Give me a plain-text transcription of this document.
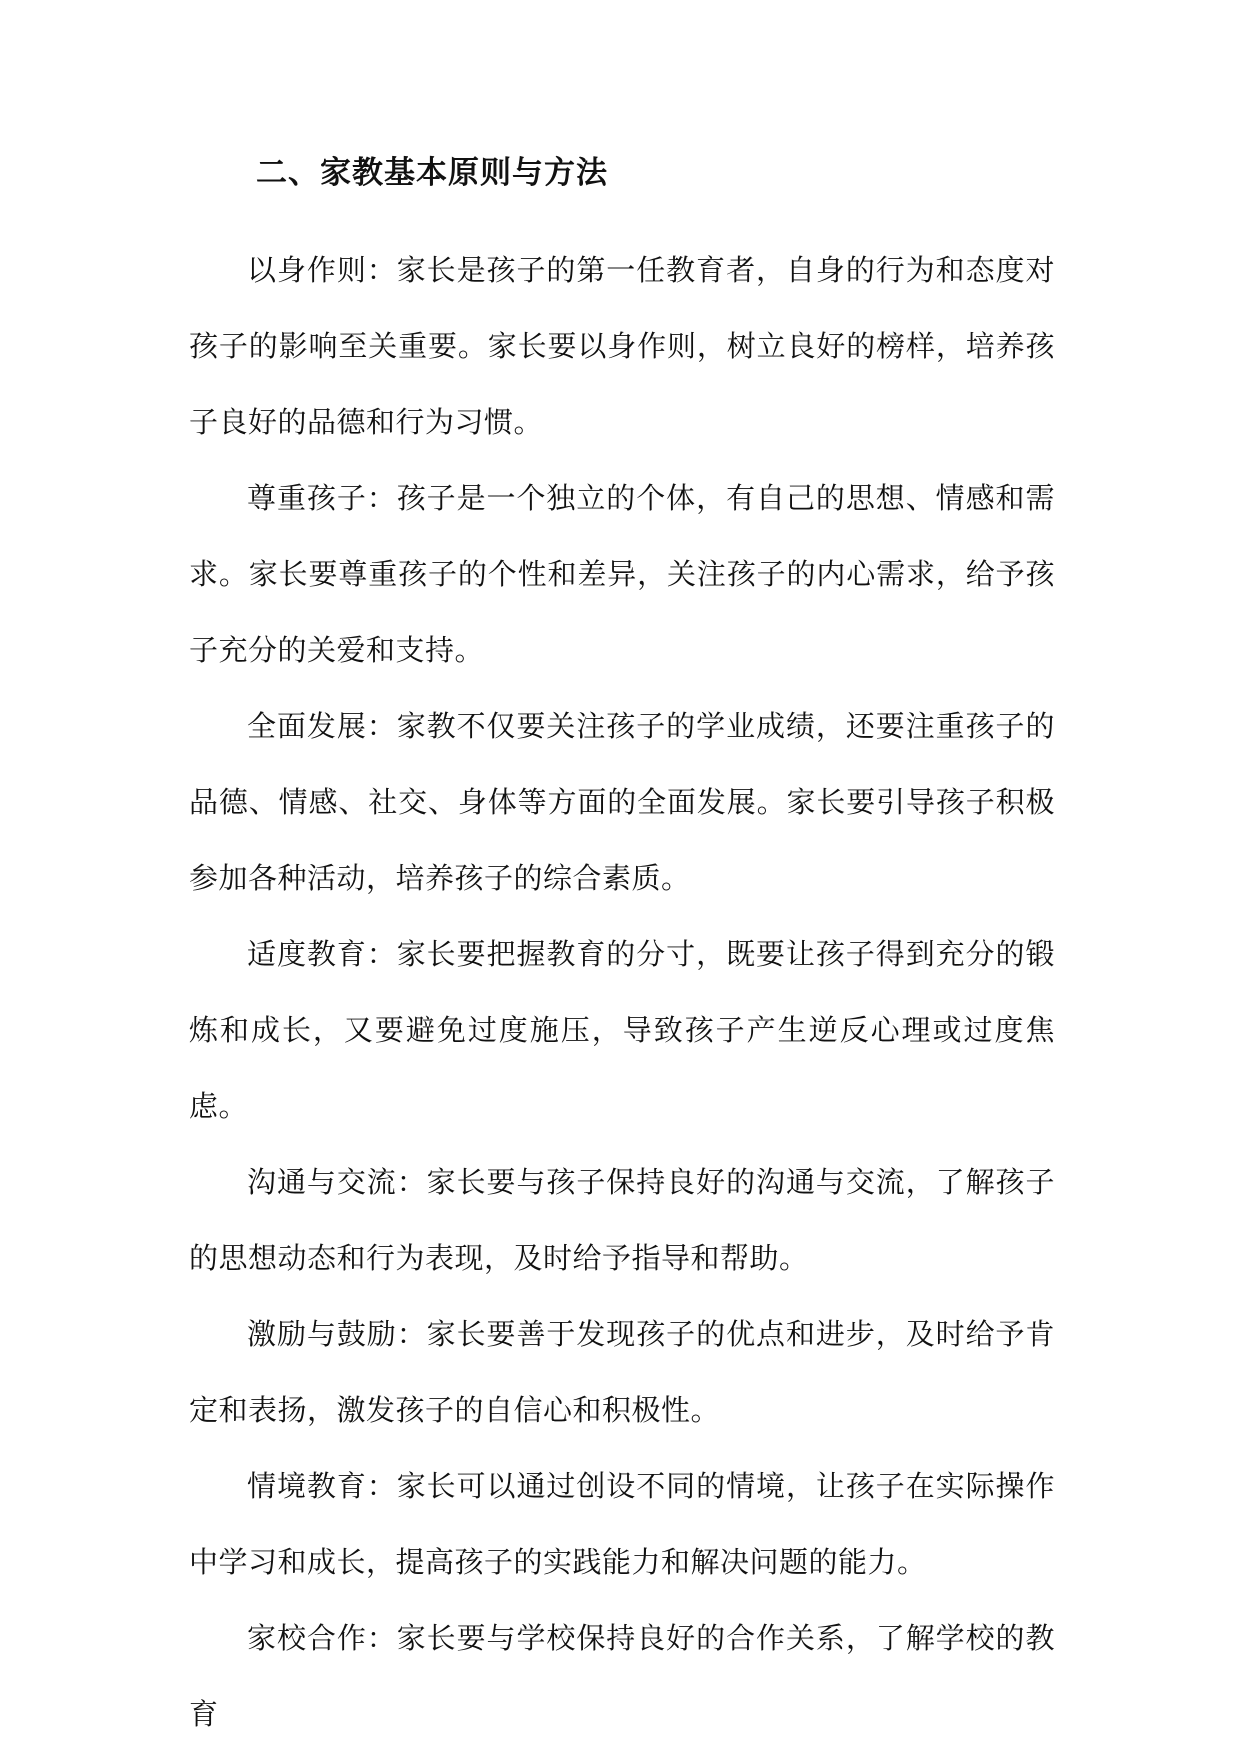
二、家教基本原则与方法

以身作则：家长是孩子的第一任教育者，自身的行为和态度对孩子的影响至关重要。家长要以身作则，树立良好的榜样，培养孩子良好的品德和行为习惯。

尊重孩子：孩子是一个独立的个体，有自己的思想、情感和需求。家长要尊重孩子的个性和差异，关注孩子的内心需求，给予孩子充分的关爱和支持。

全面发展：家教不仅要关注孩子的学业成绩，还要注重孩子的品德、情感、社交、身体等方面的全面发展。家长要引导孩子积极参加各种活动，培养孩子的综合素质。

适度教育：家长要把握教育的分寸，既要让孩子得到充分的锻炼和成长，又要避免过度施压，导致孩子产生逆反心理或过度焦虑。

沟通与交流：家长要与孩子保持良好的沟通与交流，了解孩子的思想动态和行为表现，及时给予指导和帮助。

激励与鼓励：家长要善于发现孩子的优点和进步，及时给予肯定和表扬，激发孩子的自信心和积极性。

情境教育：家长可以通过创设不同的情境，让孩子在实际操作中学习和成长，提高孩子的实践能力和解决问题的能力。

家校合作：家长要与学校保持良好的合作关系，了解学校的教育
